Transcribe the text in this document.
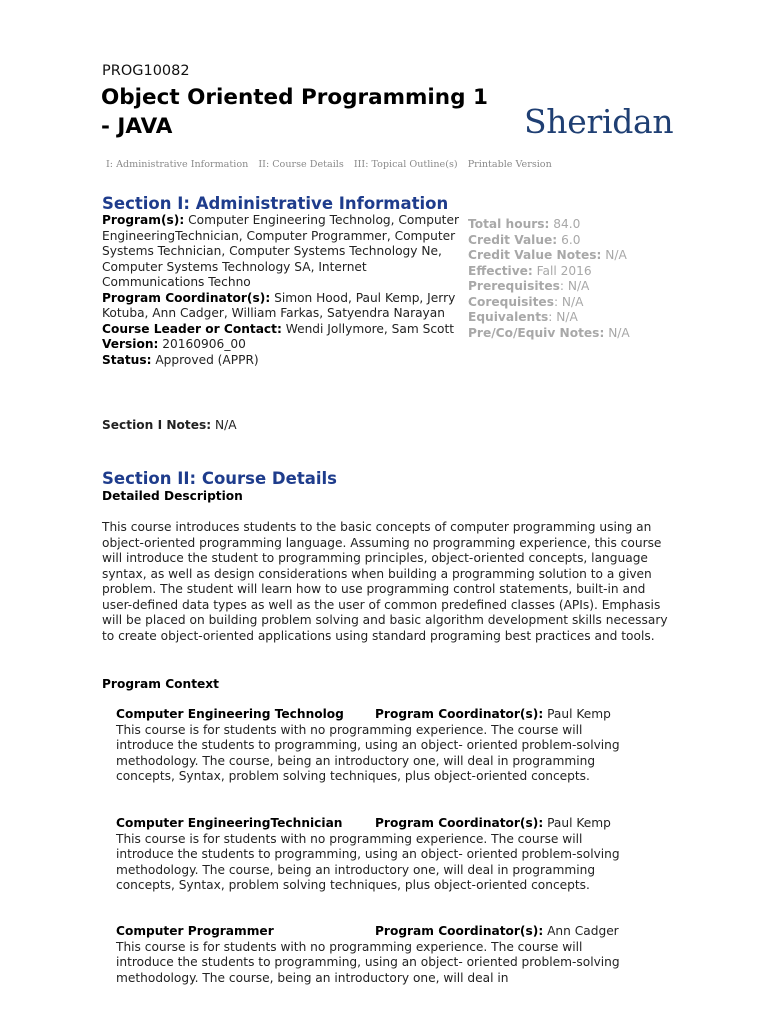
PROG10082
Object Oriented Programming 1
- JAVA	Sheridan
I: Administrative Information II: Course Details III: Topical Outline(s) Printable Version
Section I: Administrative Information

Program(s): Computer Engineering Technolog, Computer EngineeringTechnician, Computer Programmer, Computer Systems Technician, Computer Systems Technology Ne, Computer Systems Technology SA, Internet Communications Techno

Program Coordinator(s): Simon Hood, Paul Kemp, Jerry Kotuba, Ann Cadger, William Farkas, Satyendra Narayan

Course Leader or Contact: Wendi Jollymore, Sam Scott

Version: 20160906_00

Status: Approved (APPR)

Section I Notes: N/A

Total hours: 84.0

Credit Value: 6.0

Credit Value Notes: N/A

Effective: Fall 2016

Prerequisites: N/A

Corequisites: N/A

Equivalents: N/A

Pre/Co/Equiv Notes: N/A

Section II: Course Details
Detailed Description

This course introduces students to the basic concepts of computer programming using an object-oriented programming language. Assuming no programming experience, this course will introduce the student to programming principles, object-oriented concepts, language syntax, as well as design considerations when building a programming solution to a given problem. The student will learn how to use programming control statements, built-in and user-defined data types as well as the user of common predefined classes (APIs). Emphasis will be placed on building problem solving and basic algorithm development skills necessary to create object-oriented applications using standard programing best practices and tools.

Program Context
Computer Engineering Technolog	Program Coordinator(s): Paul Kemp

This course is for students with no programming experience. The course will introduce the students to programming, using an object- oriented problem-solving methodology. The course, being an introductory one, will deal in programming concepts, Syntax, problem solving techniques, plus object-oriented concepts.

Computer EngineeringTechnician	Program Coordinator(s): Paul Kemp

This course is for students with no programming experience. The course will introduce the students to programming, using an object- oriented problem-solving methodology. The course, being an introductory one, will deal in programming concepts, Syntax, problem solving techniques, plus object-oriented concepts.

Computer Programmer	Program Coordinator(s): Ann Cadger

This course is for students with no programming experience. The course will introduce the students to programming, using an object- oriented problem-solving methodology. The course, being an introductory one, will deal in
